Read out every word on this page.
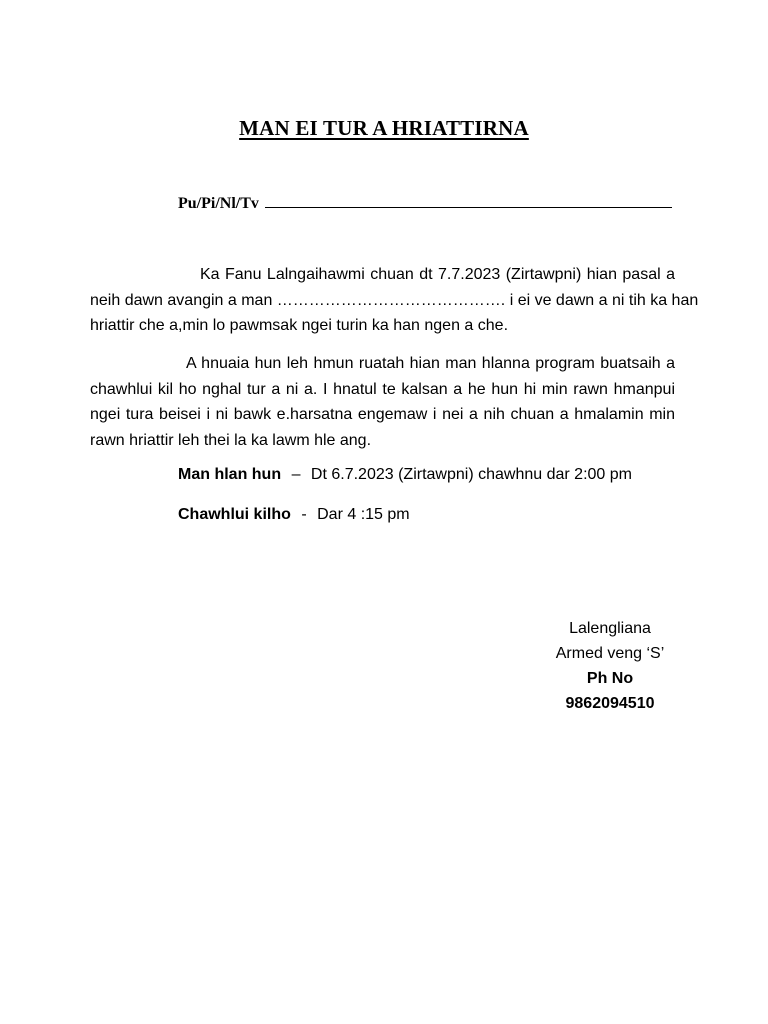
MAN EI TUR A HRIATTIRNA
Pu/Pi/Nl/Tv

Ka Fanu Lalngaihawmi chuan dt 7.7.2023 (Zirtawpni) hian pasal a
neih dawn avangin a man ……………………………………. i ei ve dawn a ni tih ka han
hriattir che a,min lo pawmsak ngei turin ka han ngen a che.

A hnuaia hun leh hmun ruatah hian man hlanna program buatsaih a
chawhlui kil ho nghal tur a ni a. I hnatul te kalsan a he hun hi min rawn hmanpui
ngei tura beisei i ni bawk e.harsatna engemaw i nei a nih chuan a hmalamin min
rawn hriattir leh thei la ka lawm hle ang.

Man hlan hun – Dt 6.7.2023 (Zirtawpni) chawhnu dar 2:00 pm
Chawhlui kilho - Dar 4 :15 pm
Lalengliana
Armed veng ‘S’
Ph No
9862094510
